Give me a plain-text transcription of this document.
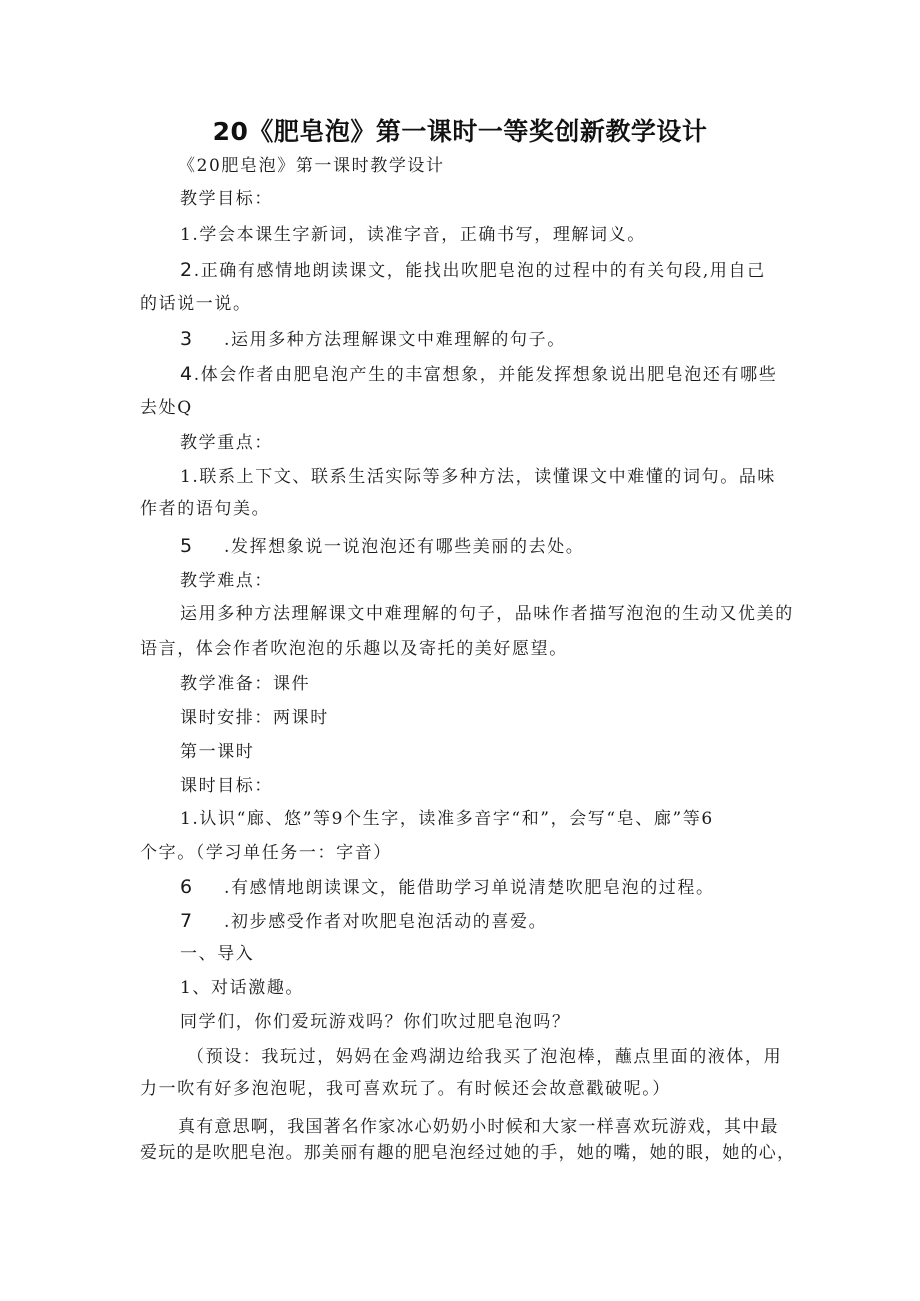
20《肥皂泡》第一课时一等奖创新教学设计
《20肥皂泡》第一课时教学设计
教学目标：
1.学会本课生字新词，读准字音，正确书写，理解词义。
2.正确有感情地朗读课文，能找出吹肥皂泡的过程中的有关句段,用自己
的话说一说。
3 .运用多种方法理解课文中难理解的句子。
4.体会作者由肥皂泡产生的丰富想象，并能发挥想象说出肥皂泡还有哪些
去处Q
教学重点：
1.联系上下文、联系生活实际等多种方法，读懂课文中难懂的词句。品味
作者的语句美。
5 .发挥想象说一说泡泡还有哪些美丽的去处。
教学难点：
运用多种方法理解课文中难理解的句子，品味作者描写泡泡的生动又优美的
语言，体会作者吹泡泡的乐趣以及寄托的美好愿望。
教学准备：课件
课时安排：两课时
第一课时
课时目标：
1.认识“廊、悠”等9个生字，读准多音字“和”，会写“皂、廊”等6
个字。（学习单任务一：字音）
6 .有感情地朗读课文，能借助学习单说清楚吹肥皂泡的过程。
7 .初步感受作者对吹肥皂泡活动的喜爱。
一、导入
1、对话激趣。
同学们，你们爱玩游戏吗？你们吹过肥皂泡吗？
（预设：我玩过，妈妈在金鸡湖边给我买了泡泡棒，蘸点里面的液体，用
力一吹有好多泡泡呢，我可喜欢玩了。有时候还会故意戳破呢。）
真有意思啊，我国著名作家冰心奶奶小时候和大家一样喜欢玩游戏，其中最
爱玩的是吹肥皂泡。那美丽有趣的肥皂泡经过她的手，她的嘴，她的眼，她的心，
